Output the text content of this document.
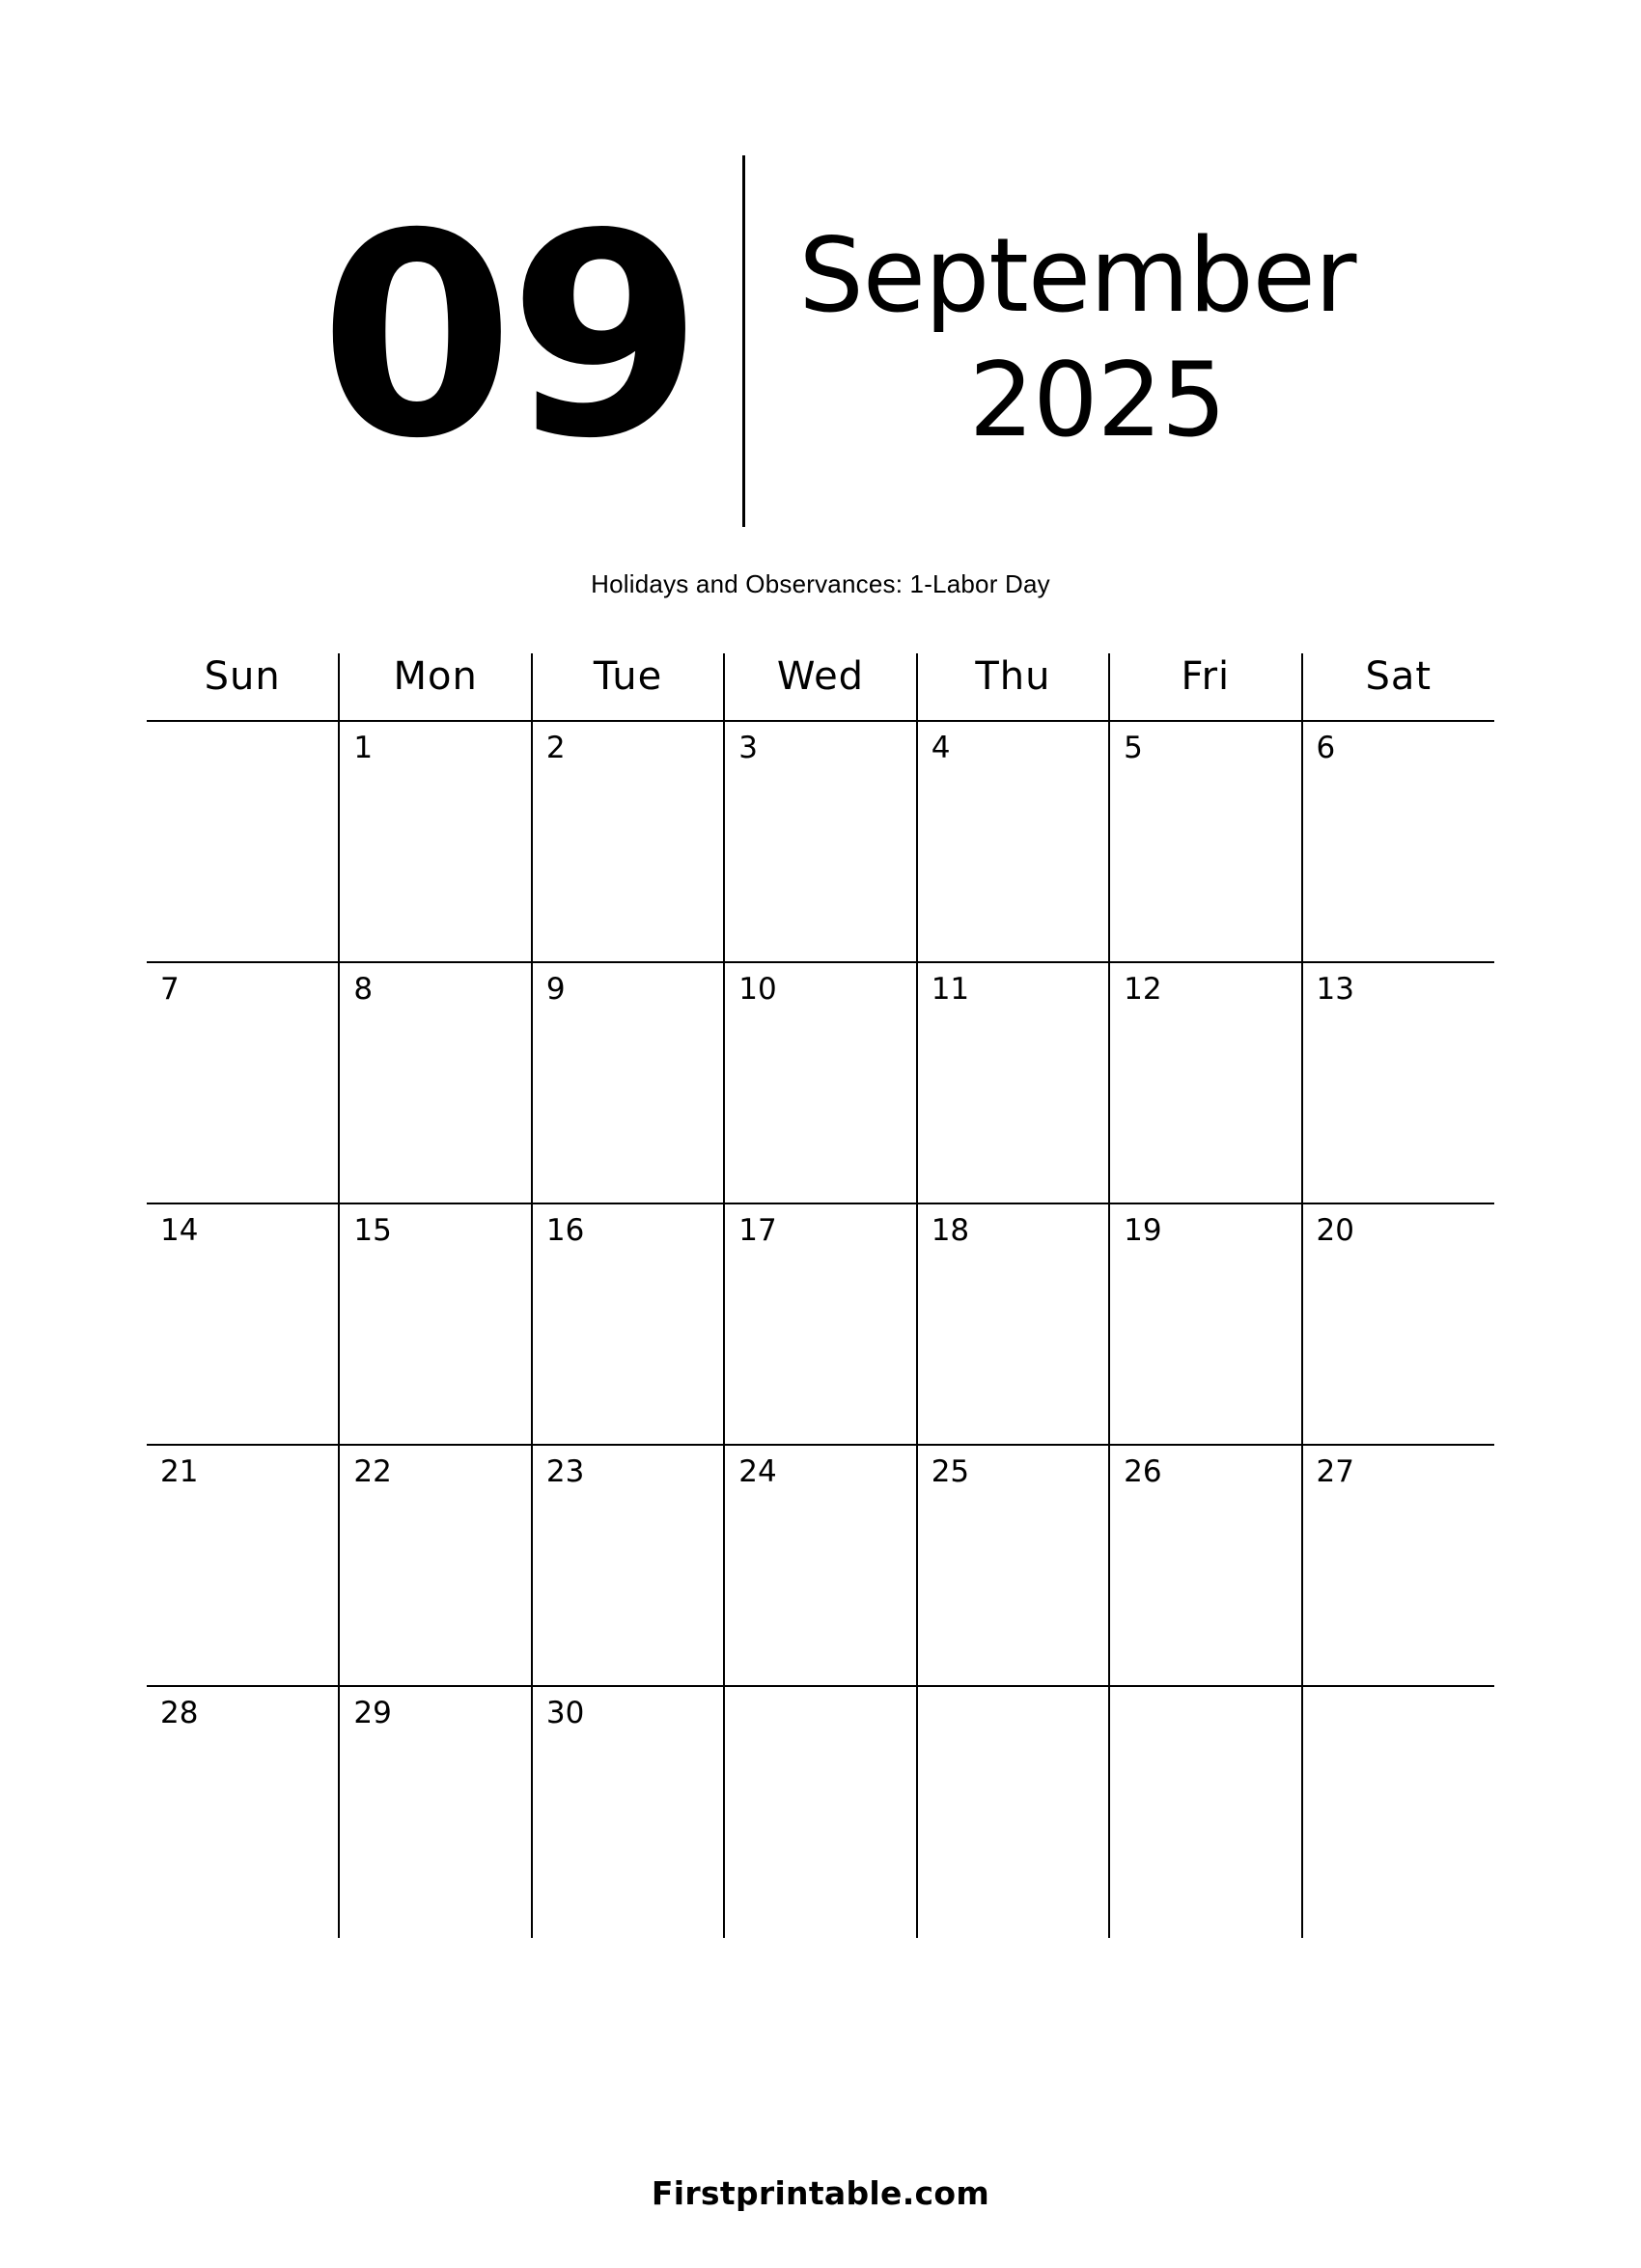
09 September
2025
Holidays and Observances: 1-Labor Day
Sun	Mon	Tue	Wed	Thu	Fri	Sat

	1	2	3	4	5	6

7	8	9	10	11	12	13

14	15	16	17	18	19	20

21	22	23	24	25	26	27

28	29	30				

Firstprintable.com
